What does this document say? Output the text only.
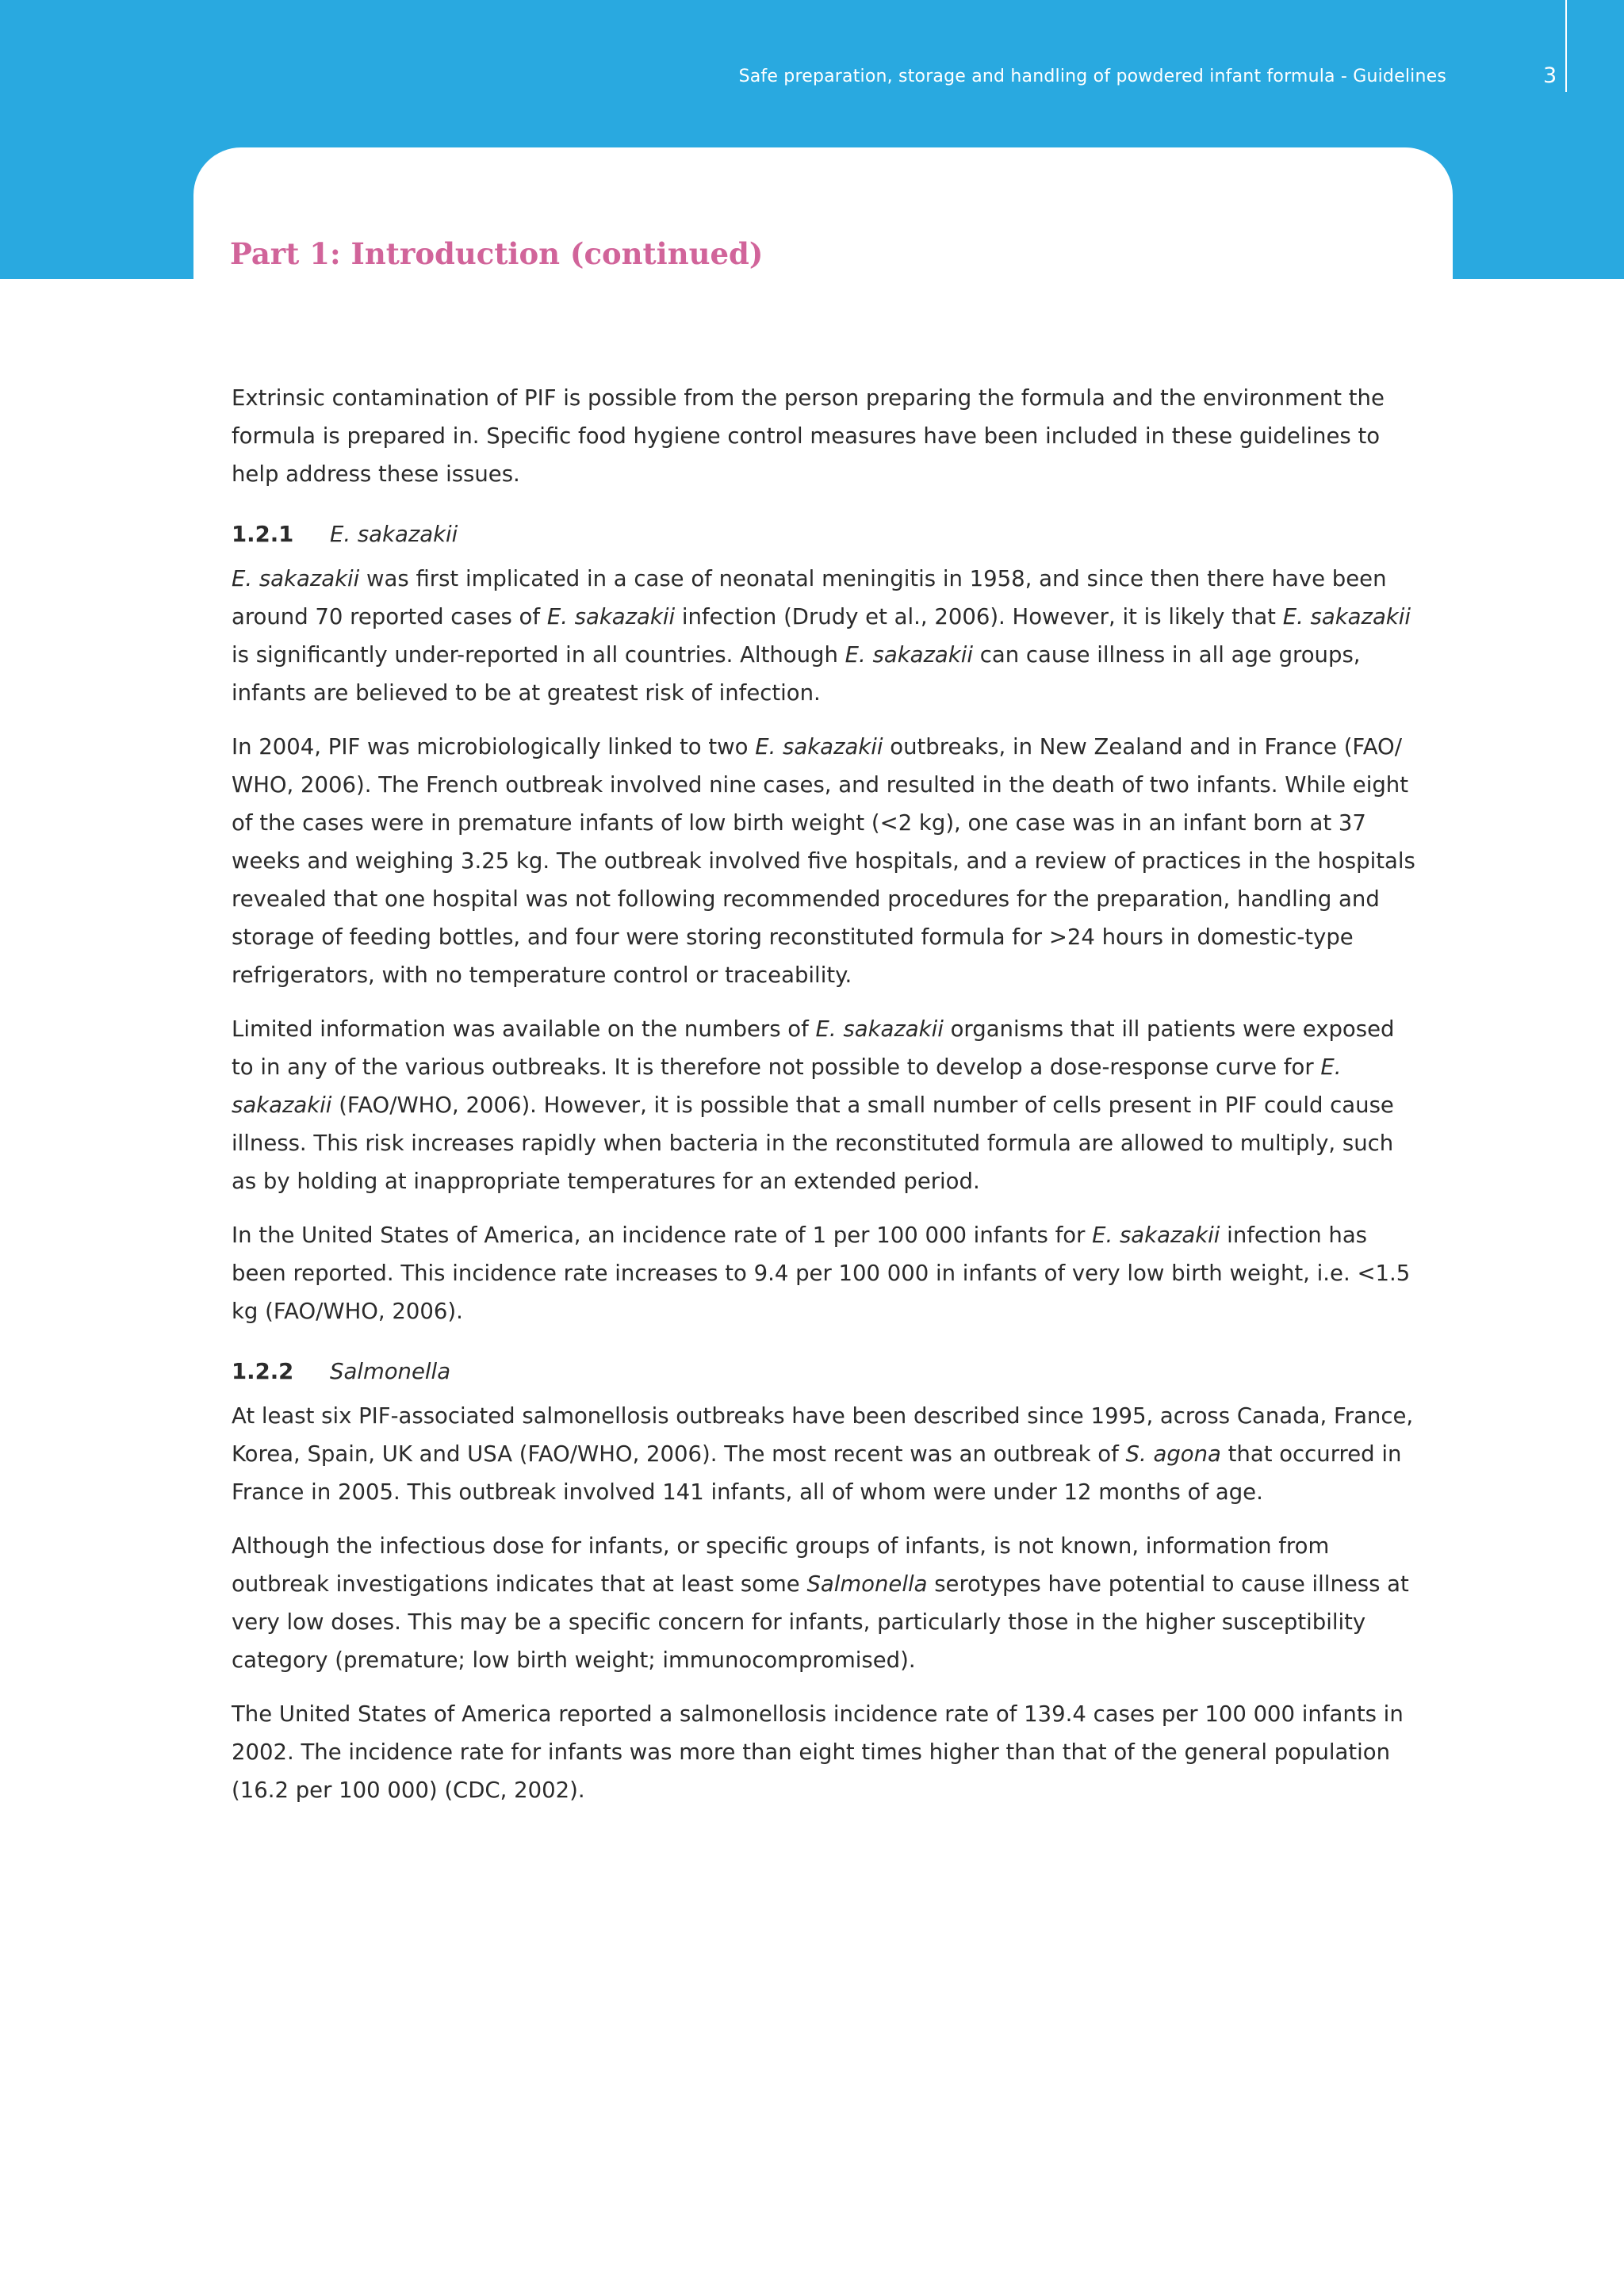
Safe preparation, storage and handling of powdered infant formula - Guidelines	3
Part 1: Introduction (continued)

Extrinsic contamination of PIF is possible from the person preparing the formula and the environment the formula is prepared in. Specific food hygiene control measures have been included in these guidelines to help address these issues.

1.2.1 E. sakazakii

E. sakazakii was first implicated in a case of neonatal meningitis in 1958, and since then there have been around 70 reported cases of E. sakazakii infection (Drudy et al., 2006). However, it is likely that E. sakazakii is significantly under-reported in all countries. Although E. sakazakii can cause illness in all age groups, infants are believed to be at greatest risk of infection.

In 2004, PIF was microbiologically linked to two E. sakazakii outbreaks, in New Zealand and in France (FAO/ WHO, 2006). The French outbreak involved nine cases, and resulted in the death of two infants. While eight of the cases were in premature infants of low birth weight (<2 kg), one case was in an infant born at 37 weeks and weighing 3.25 kg. The outbreak involved five hospitals, and a review of practices in the hospitals revealed that one hospital was not following recommended procedures for the preparation, handling and storage of feeding bottles, and four were storing reconstituted formula for >24 hours in domestic-type refrigerators, with no temperature control or traceability.

Limited information was available on the numbers of E. sakazakii organisms that ill patients were exposed to in any of the various outbreaks. It is therefore not possible to develop a dose-response curve for E. sakazakii (FAO/WHO, 2006). However, it is possible that a small number of cells present in PIF could cause illness. This risk increases rapidly when bacteria in the reconstituted formula are allowed to multiply, such as by holding at inappropriate temperatures for an extended period.

In the United States of America, an incidence rate of 1 per 100 000 infants for E. sakazakii infection has been reported. This incidence rate increases to 9.4 per 100 000 in infants of very low birth weight, i.e. <1.5 kg (FAO/WHO, 2006).

1.2.2 Salmonella

At least six PIF-associated salmonellosis outbreaks have been described since 1995, across Canada, France, Korea, Spain, UK and USA (FAO/WHO, 2006). The most recent was an outbreak of S. agona that occurred in France in 2005. This outbreak involved 141 infants, all of whom were under 12 months of age.

Although the infectious dose for infants, or specific groups of infants, is not known, information from outbreak investigations indicates that at least some Salmonella serotypes have potential to cause illness at very low doses. This may be a specific concern for infants, particularly those in the higher susceptibility category (premature; low birth weight; immunocompromised).

The United States of America reported a salmonellosis incidence rate of 139.4 cases per 100 000 infants in 2002. The incidence rate for infants was more than eight times higher than that of the general population (16.2 per 100 000) (CDC, 2002).
